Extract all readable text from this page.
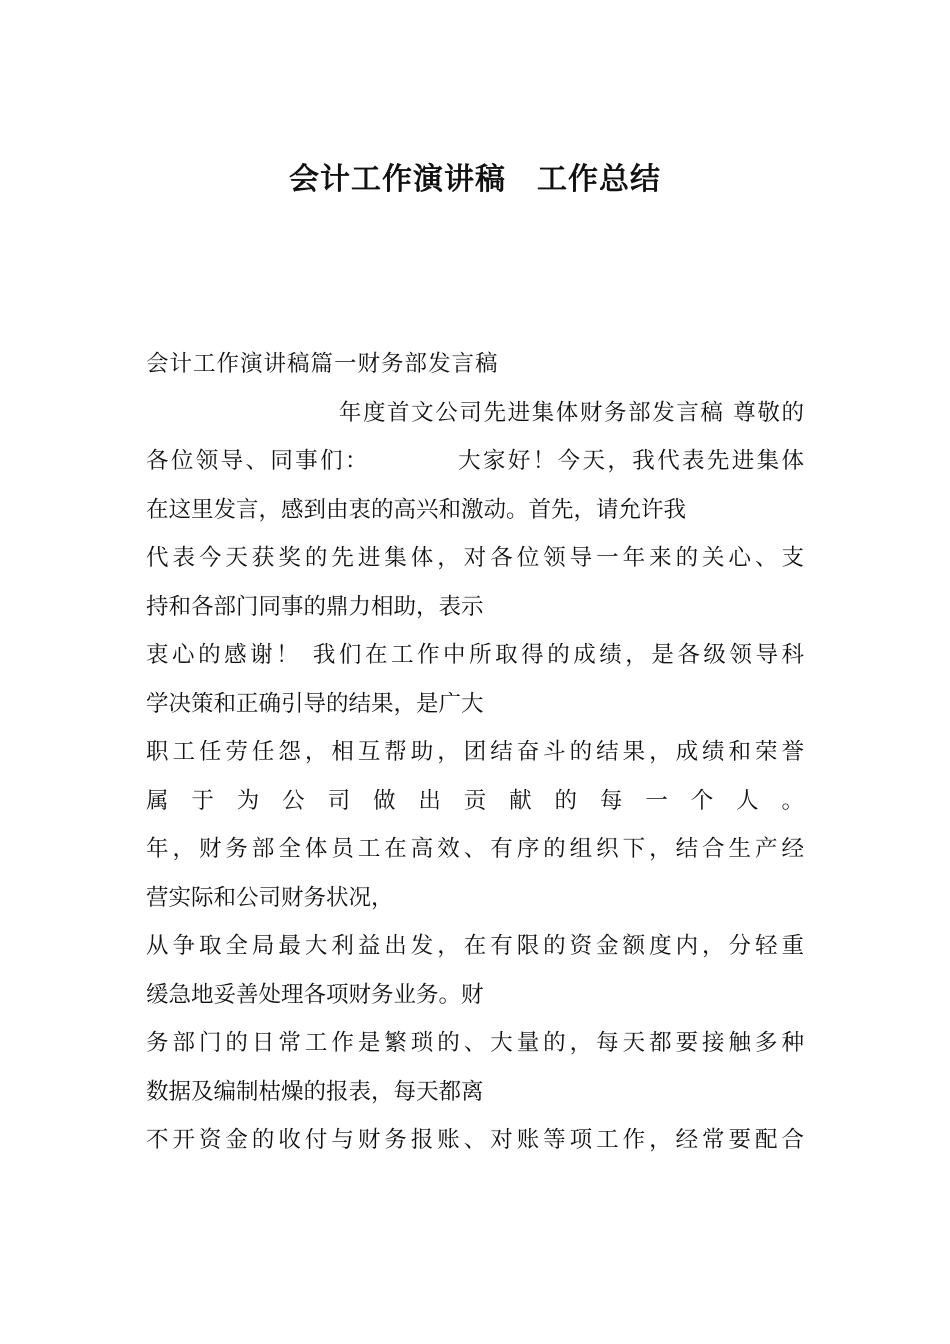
会计工作演讲稿　工作总结

会计工作演讲稿篇一财务部发言稿

　　　　　　　　年度首文公司先进集体财务部发言稿 尊敬的

各位领导、同事们：　　　　大家好！今天，我代表先进集体

在这里发言，感到由衷的高兴和激动。首先，请允许我

代表今天获奖的先进集体，对各位领导一年来的关心、支

持和各部门同事的鼎力相助，表示

衷心的感谢！ 我们在工作中所取得的成绩，是各级领导科

学决策和正确引导的结果，是广大

职工任劳任怨，相互帮助，团结奋斗的结果，成绩和荣誉

属 于 为 公 司 做 出 贡 献 的 每 一 个 人 。

年，财务部全体员工在高效、有序的组织下，结合生产经

营实际和公司财务状况，

从争取全局最大利益出发，在有限的资金额度内，分轻重

缓急地妥善处理各项财务业务。财

务部门的日常工作是繁琐的、大量的，每天都要接触多种

数据及编制枯燥的报表，每天都离

不开资金的收付与财务报账、对账等项工作，经常要配合
